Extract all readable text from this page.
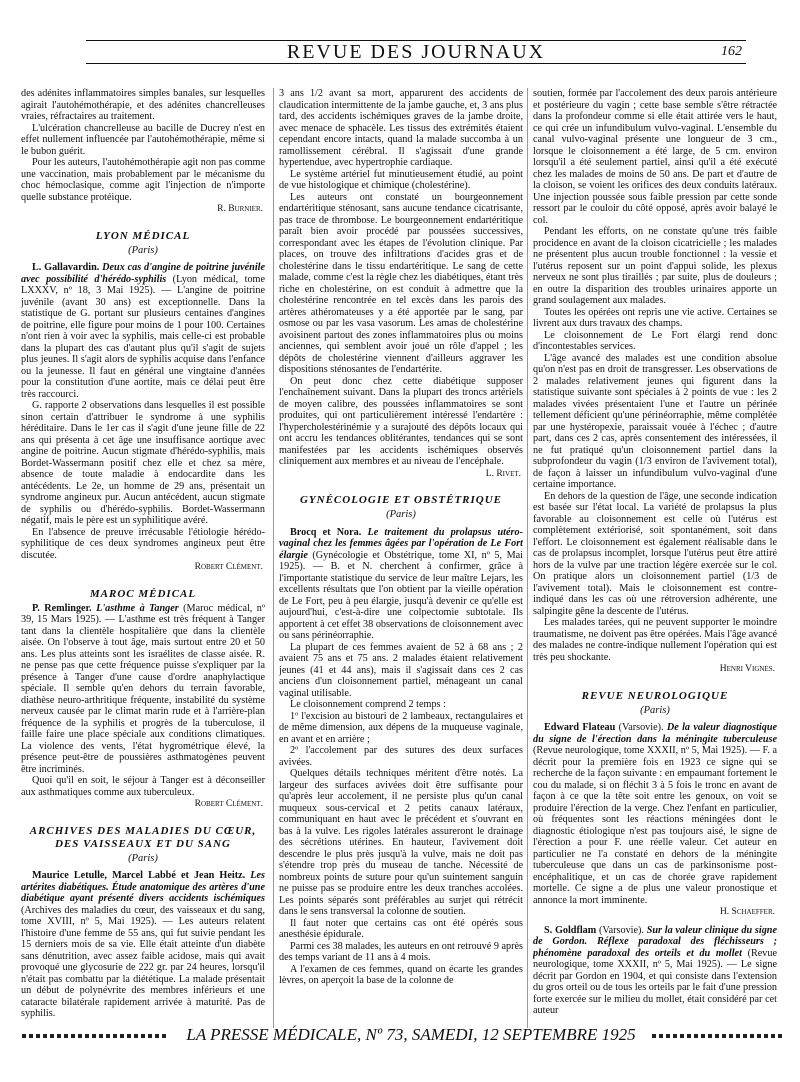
REVUE DES JOURNAUX	162

des adénites inflammatoires simples banales, sur lesquelles agirait l'autohémothérapie, et des adénites chancrelleuses vraies, réfractaires au traitement.

L'ulcération chancrelleuse au bacille de Ducrey n'est en effet nullement influencée par l'autohémothérapie, même si le bubon guérit.

Pour les auteurs, l'autohémothérapie agit non pas comme une vaccination, mais probablement par le mécanisme du choc hémoclasique, comme agit l'injection de n'importe quelle substance protéique.

R. Burnier.
LYON MÉDICAL
(Paris)

L. Gallavardin. Deux cas d'angine de poitrine juvénile avec possibilité d'hérédo-syphilis (Lyon médical, tome LXXXV, nº 18, 3 Mai 1925). — L'angine de poitrine juvénile (avant 30 ans) est exceptionnelle. Dans la statistique de G. portant sur plusieurs centaines d'angines de poitrine, elle figure pour moins de 1 pour 100. Certaines n'ont rien à voir avec la syphilis, mais celle-ci est probable dans la plupart des cas d'autant plus qu'il s'agit de sujets plus jeunes. Il s'agit alors de syphilis acquise dans l'enfance ou la jeunesse. Il faut en général une vingtaine d'années pour la constitution d'une aortite, mais ce délai peut être très raccourci.

G. rapporte 2 observations dans lesquelles il est possible sinon certain d'attribuer le syndrome à une syphilis héréditaire. Dans le 1er cas il s'agit d'une jeune fille de 22 ans qui présenta à cet âge une insuffisance aortique avec angine de poitrine. Aucun stigmate d'hérédo-syphilis, mais Bordet-Wassermann positif chez elle et chez sa mère, absence de toute maladie à endocardite dans les antécédents. Le 2e, un homme de 29 ans, présentait un syndrome angineux pur. Aucun antécédent, aucun stigmate de syphilis ou d'hérédo-syphilis. Bordet-Wassermann négatif, mais le père est un syphilitique avéré.

En l'absence de preuve irrécusable l'étiologie hérédo-syphilitique de ces deux syndromes angineux peut être discutée.

Robert Clément.
MAROC MÉDICAL

P. Remlinger. L'asthme à Tanger (Maroc médical, nº 39, 15 Mars 1925). — L'asthme est très fréquent à Tanger tant dans la clientèle hospitalière que dans la clientèle aisée. On l'observe à tout âge, mais surtout entre 20 et 50 ans. Les plus atteints sont les israélites de classe aisée. R. ne pense pas que cette fréquence puisse s'expliquer par la présence à Tanger d'une cause d'ordre anaphylactique spéciale. Il semble qu'en dehors du terrain favorable, diathèse neuro-arthritique fréquente, instabilité du système nerveux causée par le climat marin rude et à l'arrière-plan fréquence de la syphilis et progrès de la tuberculose, il faille faire une place spéciale aux conditions climatiques. La violence des vents, l'état hygrométrique élevé, la présence peut-être de poussières asthmatogènes peuvent être incriminés.

Quoi qu'il en soit, le séjour à Tanger est à déconseiller aux asthmatiques comme aux tuberculeux.

Robert Clément.
ARCHIVES DES MALADIES DU CŒUR, DES VAISSEAUX ET DU SANG
(Paris)

Maurice Letulle, Marcel Labbé et Jean Heitz. Les artérites diabétiques. Étude anatomique des artères d'une diabétique ayant présenté divers accidents ischémiques (Archives des maladies du cœur, des vaisseaux et du sang, tome XVIII, nº 5, Mai 1925). — Les auteurs relatent l'histoire d'une femme de 55 ans, qui fut suivie pendant les 15 derniers mois de sa vie. Elle était atteinte d'un diabète sans dénutrition, avec assez faible acidose, mais qui avait provoqué une glycosurie de 222 gr. par 24 heures, lorsqu'il n'était pas combattu par la diététique. La malade présentait un début de polynévrite des membres inférieurs et une cataracte bilatérale rapidement arrivée à maturité. Pas de syphilis.

3 ans 1/2 avant sa mort, apparurent des accidents de claudication intermittente de la jambe gauche, et, 3 ans plus tard, des accidents ischémiques graves de la jambe droite, avec menace de sphacèle. Les tissus des extrémités étaient cependant encore intacts, quand la malade succomba à un ramollissement cérébral. Il s'agissait d'une grande hypertendue, avec hypertrophie cardiaque.

Le système artériel fut minutieusement étudié, au point de vue histologique et chimique (cholestérine).

Les auteurs ont constaté un bourgeonnement endartéritique sténosant, sans aucune tendance cicatrisante, pas trace de thrombose. Le bourgeonnement endartéritique paraît bien avoir procédé par poussées successives, correspondant avec les étapes de l'évolution clinique. Par places, on trouve des infiltrations d'acides gras et de cholestérine dans le tissu endartéritique. Le sang de cette malade, comme c'est la règle chez les diabétiques, étant très riche en cholestérine, on est conduit à admettre que la cholestérine rencontrée en tel excès dans les parois des artères athéromateuses y a été apportée par le sang, par osmose ou par les vasa vasorum. Les amas de cholestérine avoisinent partout des zones inflammatoires plus ou moins anciennes, qui semblent avoir joué un rôle d'appel ; les dépôts de cholestérine viennent d'ailleurs aggraver les dispositions sténosantes de l'endartérite.

On peut donc chez cette diabétique supposer l'enchaînement suivant. Dans la plupart des troncs artériels de moyen calibre, des poussées inflammatoires se sont produites, qui ont particulièrement intéressé l'endartère : l'hypercholestérinémie y a surajouté des dépôts locaux qui ont accru les tendances oblitérantes, tendances qui se sont manifestées par les accidents ischémiques observés cliniquement aux membres et au niveau de l'encéphale.

L. Rivet.
GYNÉCOLOGIE ET OBSTÉTRIQUE
(Paris)

Brocq et Nora. Le traitement du prolapsus utéro-vaginal chez les femmes âgées par l'opération de Le Fort élargie (Gynécologie et Obstétrique, tome XI, nº 5, Mai 1925). — B. et N. cherchent à confirmer, grâce à l'importante statistique du service de leur maître Lejars, les excellents résultats que l'on obtient par la vieille opération de Le Fort, peu à peu élargie, jusqu'à devenir ce qu'elle est aujourd'hui, c'est-à-dire une colpectomie subtotale. Ils apportent à cet effet 38 observations de cloisonnement avec ou sans périnéorraphie.

La plupart de ces femmes avaient de 52 à 68 ans ; 2 avaient 75 ans et 75 ans. 2 malades étaient relativement jeunes (41 et 44 ans), mais il s'agissait dans ces 2 cas anciens d'un cloisonnement partiel, ménageant un canal vaginal utilisable.

Le cloisonnement comprend 2 temps :

1º l'excision au bistouri de 2 lambeaux, rectangulaires et de même dimension, aux dépens de la muqueuse vaginale, en avant et en arrière ;

2º l'accolement par des sutures des deux surfaces avivées.

Quelques détails techniques méritent d'être notés. La largeur des surfaces avivées doit être suffisante pour qu'après leur accolement, il ne persiste plus qu'un canal muqueux sous-cervical et 2 petits canaux latéraux, communiquant en haut avec le précédent et s'ouvrant en bas à la vulve. Les rigoles latérales assureront le drainage des sécrétions utérines. En hauteur, l'avivement doit descendre le plus près jusqu'à la vulve, mais ne doit pas s'étendre trop près du museau de tanche. Nécessité de nombreux points de suture pour qu'un suintement sanguin ne puisse pas se produire entre les deux tranches accolées. Les points séparés sont préférables au surjet qui rétrécit dans le sens transversal la colonne de soutien.

Il faut noter que certains cas ont été opérés sous anesthésie épidurale.

Parmi ces 38 malades, les auteurs en ont retrouvé 9 après des temps variant de 11 ans à 4 mois.

A l'examen de ces femmes, quand on écarte les grandes lèvres, on aperçoit la base de la colonne de

soutien, formée par l'accolement des deux parois antérieure et postérieure du vagin ; cette base semble s'être rétractée dans la profondeur comme si elle était attirée vers le haut, ce qui crée un infundibulum vulvo-vaginal. L'ensemble du canal vulvo-vaginal présente une longueur de 3 cm., lorsque le cloisonnement a été large, de 5 cm. environ lorsqu'il a été seulement partiel, ainsi qu'il a été exécuté chez les malades de moins de 50 ans. De part et d'autre de la cloison, se voient les orifices des deux conduits latéraux. Une injection poussée sous faible pression par cette sonde ressort par le couloir du côté opposé, après avoir balayé le col.

Pendant les efforts, on ne constate qu'une très faible procidence en avant de la cloison cicatricielle ; les malades ne présentent plus aucun trouble fonctionnel : la vessie et l'utérus reposent sur un point d'appui solide, les plexus nerveux ne sont plus tiraillés ; par suite, plus de douleurs ; en outre la disparition des troubles urinaires apporte un grand soulagement aux malades.

Toutes les opérées ont repris une vie active. Certaines se livrent aux durs travaux des champs.

Le cloisonnement de Le Fort élargi rend donc d'incontestables services.

L'âge avancé des malades est une condition absolue qu'on n'est pas en droit de transgresser. Les observations de 2 malades relativement jeunes qui figurent dans la statistique suivante sont spéciales à 2 points de vue : les 2 malades vivées présentaient l'une et l'autre un périnée tellement déficient qu'une périnéorraphie, même complétée par une hystéropexie, paraissait vouée à l'échec ; d'autre part, dans ces 2 cas, après consentement des intéressées, il ne fut pratiqué qu'un cloisonnement partiel dans la subprofondeur du vagin (1/3 environ de l'avivement total), de façon à laisser un infundibulum vulvo-vaginal d'une certaine importance.

En dehors de la question de l'âge, une seconde indication est basée sur l'état local. La variété de prolapsus la plus favorable au cloisonnement est celle où l'utérus est complètement extériorisé, soit spontanément, soit dans l'effort. Le cloisonnement est également réalisable dans le cas de prolapsus incomplet, lorsque l'utérus peut être attiré hors de la vulve par une traction légère exercée sur le col. On pratique alors un cloisonnement partiel (1/3 de l'avivement total). Mais le cloisonnement est contre-indiqué dans les cas où une rétroversion adhérente, une salpingite gêne la descente de l'utérus.

Les malades tarées, qui ne peuvent supporter le moindre traumatisme, ne doivent pas être opérées. Mais l'âge avancé des malades ne contre-indique nullement l'opération qui est très peu shockante.

Henri Vignes.
REVUE NEUROLOGIQUE
(Paris)

Edward Flateau (Varsovie). De la valeur diagnostique du signe de l'érection dans la méningite tuberculeuse (Revue neurologique, tome XXXII, nº 5, Mai 1925). — F. a décrit pour la première fois en 1923 ce signe qui se recherche de la façon suivante : en empaumant fortement le cou du malade, si on fléchit 3 à 5 fois le tronc en avant de façon à ce que la tête soit entre les genoux, on voit se produire l'érection de la verge. Chez l'enfant en particulier, où fréquentes sont les réactions méningées dont le diagnostic étiologique n'est pas toujours aisé, le signe de l'érection a pour F. une réelle valeur. Cet auteur en particulier ne l'a constaté en dehors de la méningite tuberculeuse que dans un cas de parkinsonisme post-encéphalitique, et un cas de chorée grave rapidement mortelle. Ce signe a de plus une valeur pronostique et annonce la mort imminente.

H. Schaeffer.

S. Goldflam (Varsovie). Sur la valeur clinique du signe de Gordon. Réflexe paradoxal des fléchisseurs ; phénomène paradoxal des orteils et du mollet (Revue neurologique, tome XXXII, nº 5, Mai 1925). — Le signe décrit par Gordon en 1904, et qui consiste dans l'extension du gros orteil ou de tous les orteils par le fait d'une pression forte exercée sur le milieu du mollet, était considéré par cet auteur

LA PRESSE MÉDICALE, Nº 73, SAMEDI, 12 SEPTEMBRE 1925
